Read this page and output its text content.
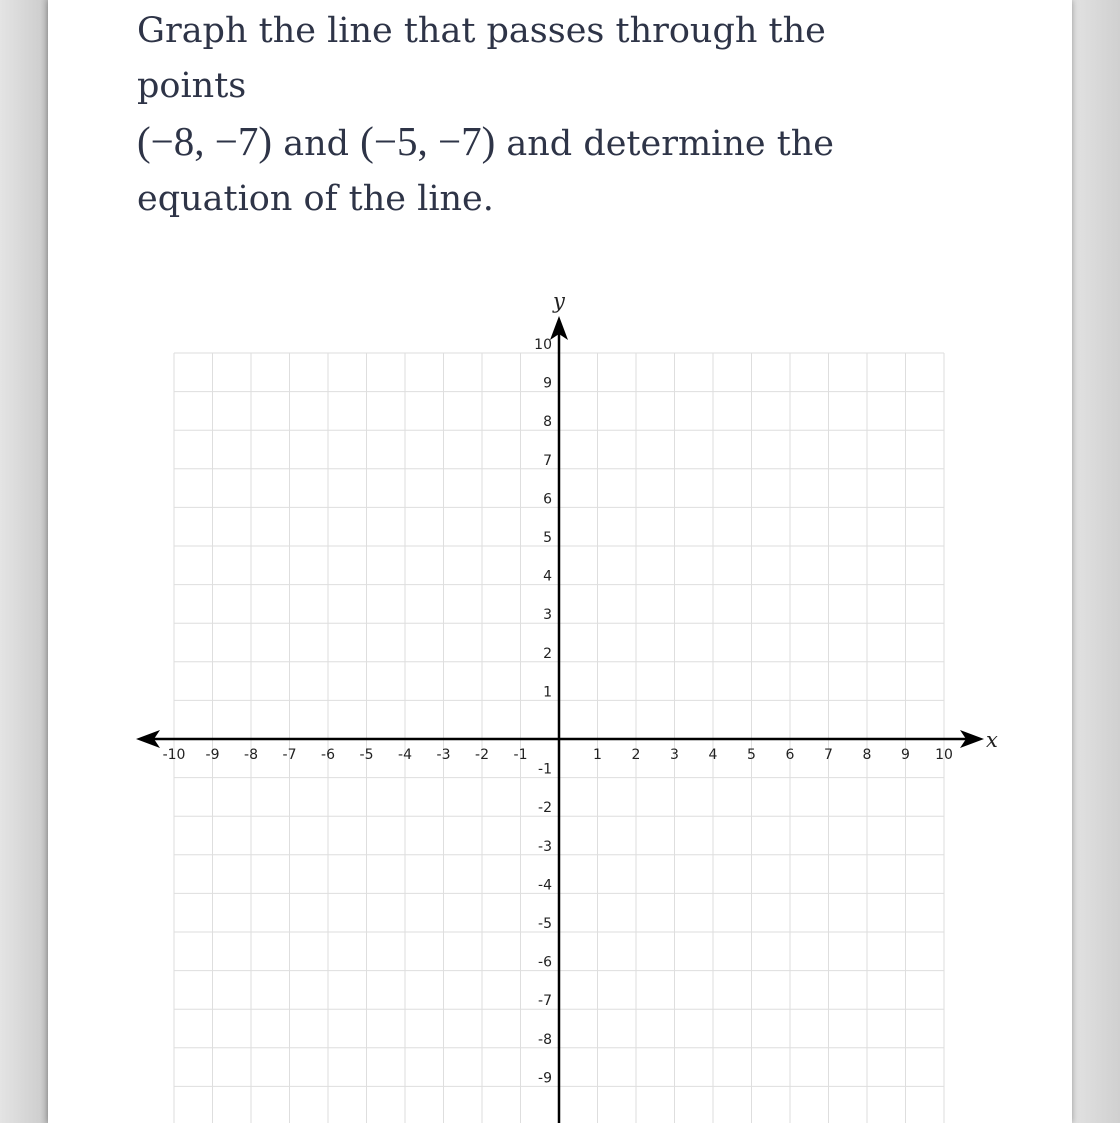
Graph the line that passes through the points
(−8, −7) and (−5, −7) and determine the
equation of the line.

x
y
-10 -9 -8 -7 -6 -5 -4 -3 -2 -1	1 2 3 4 5 6 7 8 9 10
10
9
8
7
6
5
4
3
2
1
-1
-2
-3
-4
-5
-6
-7
-8
-9
